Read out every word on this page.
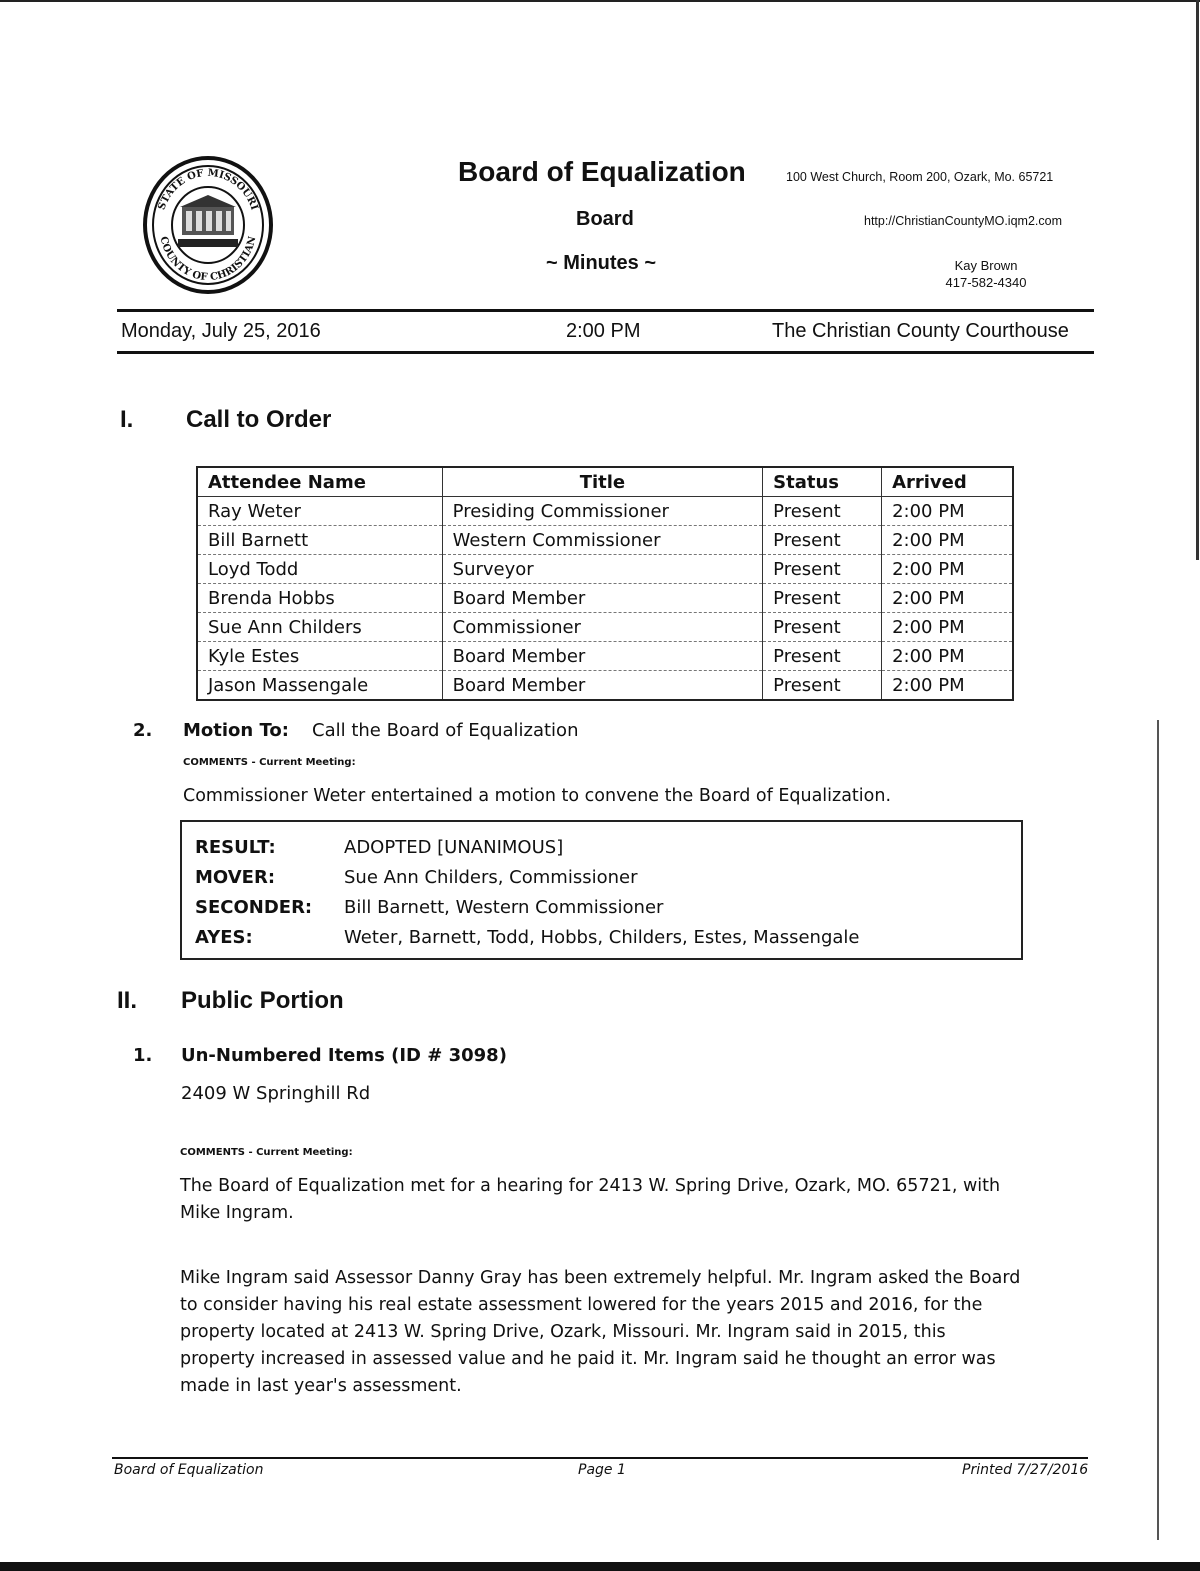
STATE OF MISSOURI
COUNTY OF CHRISTIAN
Board of Equalization
Board
~ Minutes ~
100 West Church, Room 200, Ozark, Mo. 65721
http://ChristianCountyMO.iqm2.com
Kay Brown
417-582-4340
Monday, July 25, 2016	2:00 PM	The Christian County Courthouse
I. Call to Order
Attendee Name	Title	Status	Arrived
Ray Weter	Presiding Commissioner	Present	2:00 PM
Bill Barnett	Western Commissioner	Present	2:00 PM
Loyd Todd	Surveyor	Present	2:00 PM
Brenda Hobbs	Board Member	Present	2:00 PM
Sue Ann Childers	Commissioner	Present	2:00 PM
Kyle Estes	Board Member	Present	2:00 PM
Jason Massengale	Board Member	Present	2:00 PM
2. Motion To: Call the Board of Equalization
COMMENTS - Current Meeting:
Commissioner Weter entertained a motion to convene the Board of Equalization.
RESULT:	ADOPTED [UNANIMOUS]
MOVER:	Sue Ann Childers, Commissioner
SECONDER: Bill Barnett, Western Commissioner
AYES:	Weter, Barnett, Todd, Hobbs, Childers, Estes, Massengale
II. Public Portion
1. Un-Numbered Items (ID # 3098)
2409 W Springhill Rd
COMMENTS - Current Meeting:
The Board of Equalization met for a hearing for 2413 W. Spring Drive, Ozark, MO. 65721, with
Mike Ingram.
Mike Ingram said Assessor Danny Gray has been extremely helpful. Mr. Ingram asked the Board
to consider having his real estate assessment lowered for the years 2015 and 2016, for the
property located at 2413 W. Spring Drive, Ozark, Missouri. Mr. Ingram said in 2015, this
property increased in assessed value and he paid it. Mr. Ingram said he thought an error was
made in last year's assessment.
Board of Equalization	Page 1	Printed 7/27/2016
